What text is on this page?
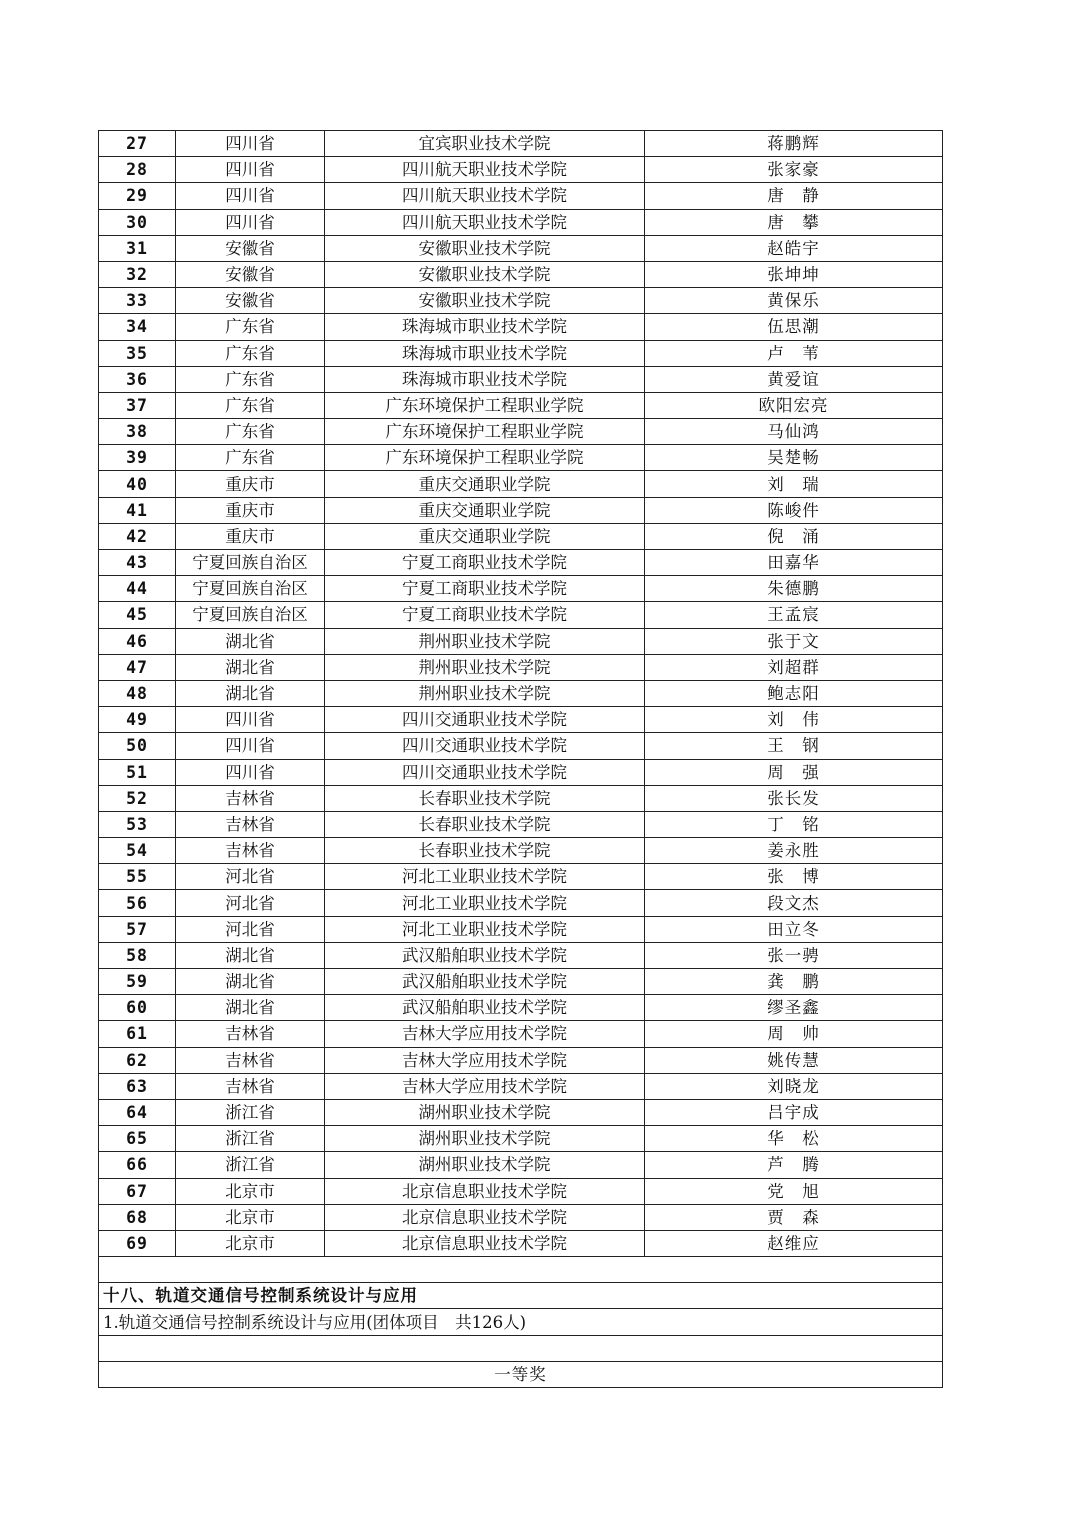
27	四川省	宜宾职业技术学院	蒋鹏辉
28	四川省	四川航天职业技术学院	张家豪
29	四川省	四川航天职业技术学院	唐　静
30	四川省	四川航天职业技术学院	唐　攀
31	安徽省	安徽职业技术学院	赵皓宇
32	安徽省	安徽职业技术学院	张坤坤
33	安徽省	安徽职业技术学院	黄保乐
34	广东省	珠海城市职业技术学院	伍思潮
35	广东省	珠海城市职业技术学院	卢　苇
36	广东省	珠海城市职业技术学院	黄爱谊
37	广东省	广东环境保护工程职业学院	欧阳宏亮
38	广东省	广东环境保护工程职业学院	马仙鸿
39	广东省	广东环境保护工程职业学院	吴楚畅
40	重庆市	重庆交通职业学院	刘　瑞
41	重庆市	重庆交通职业学院	陈峻件
42	重庆市	重庆交通职业学院	倪　涌
43	宁夏回族自治区	宁夏工商职业技术学院	田嘉华
44	宁夏回族自治区	宁夏工商职业技术学院	朱德鹏
45	宁夏回族自治区	宁夏工商职业技术学院	王孟宸
46	湖北省	荆州职业技术学院	张于文
47	湖北省	荆州职业技术学院	刘超群
48	湖北省	荆州职业技术学院	鲍志阳
49	四川省	四川交通职业技术学院	刘　伟
50	四川省	四川交通职业技术学院	王　钢
51	四川省	四川交通职业技术学院	周　强
52	吉林省	长春职业技术学院	张长发
53	吉林省	长春职业技术学院	丁　铭
54	吉林省	长春职业技术学院	姜永胜
55	河北省	河北工业职业技术学院	张　博
56	河北省	河北工业职业技术学院	段文杰
57	河北省	河北工业职业技术学院	田立冬
58	湖北省	武汉船舶职业技术学院	张一骋
59	湖北省	武汉船舶职业技术学院	龚　鹏
60	湖北省	武汉船舶职业技术学院	缪圣鑫
61	吉林省	吉林大学应用技术学院	周　帅
62	吉林省	吉林大学应用技术学院	姚传慧
63	吉林省	吉林大学应用技术学院	刘晓龙
64	浙江省	湖州职业技术学院	吕宇成
65	浙江省	湖州职业技术学院	华　松
66	浙江省	湖州职业技术学院	芦　腾
67	北京市	北京信息职业技术学院	党　旭
68	北京市	北京信息职业技术学院	贾　森
69	北京市	北京信息职业技术学院	赵维应

十八、轨道交通信号控制系统设计与应用			
1.轨道交通信号控制系统设计与应用(团体项目　共126人)			

一等奖			
